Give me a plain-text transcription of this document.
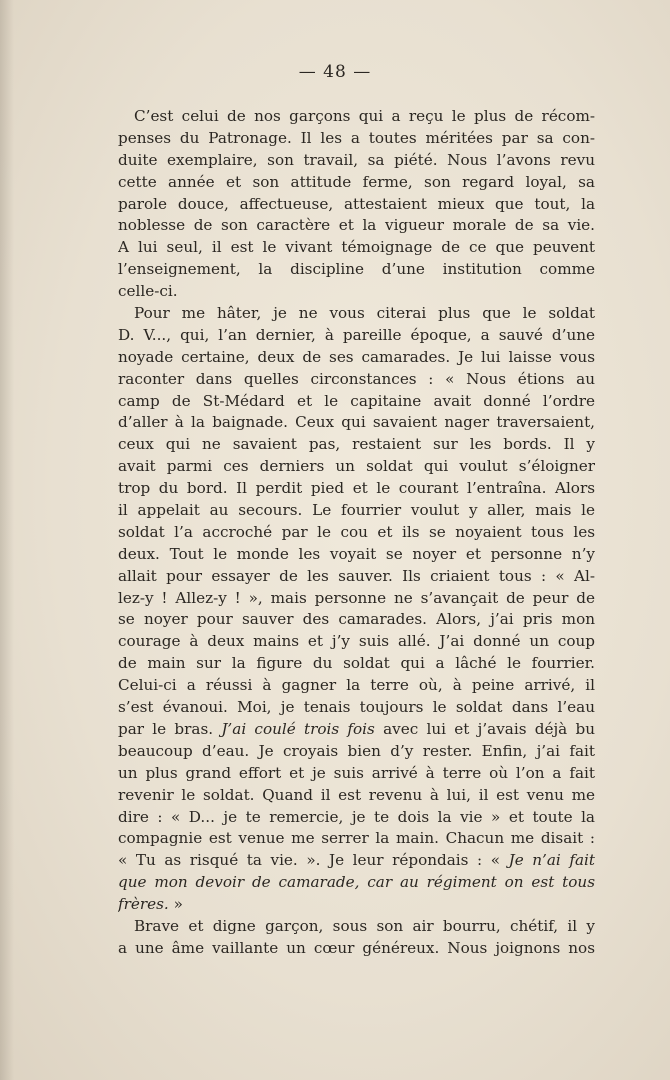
— 48 —
C’est celui de nos garçons qui a reçu le plus de récom-
penses du Patronage. Il les a toutes méritées par sa con-
duite exemplaire, son travail, sa piété. Nous l’avons revu
cette année et son attitude ferme, son regard loyal, sa
parole douce, affectueuse, attestaient mieux que tout, la
noblesse de son caractère et la vigueur morale de sa vie.
A lui seul, il est le vivant témoignage de ce que peuvent
l’enseignement, la discipline d’une institution comme
celle-ci.
Pour me hâter, je ne vous citerai plus que le soldat
D. V..., qui, l’an dernier, à pareille époque, a sauvé d’une
noyade certaine, deux de ses camarades. Je lui laisse vous
raconter dans quelles circonstances : « Nous étions au
camp de St-Médard et le capitaine avait donné l’ordre
d’aller à la baignade. Ceux qui savaient nager traversaient,
ceux qui ne savaient pas, restaient sur les bords. Il y
avait parmi ces derniers un soldat qui voulut s’éloigner
trop du bord. Il perdit pied et le courant l’entraîna. Alors
il appelait au secours. Le fourrier voulut y aller, mais le
soldat l’a accroché par le cou et ils se noyaient tous les
deux. Tout le monde les voyait se noyer et personne n’y
allait pour essayer de les sauver. Ils criaient tous : « Al-
lez-y ! Allez-y ! », mais personne ne s’avançait de peur de
se noyer pour sauver des camarades. Alors, j’ai pris mon
courage à deux mains et j’y suis allé. J’ai donné un coup
de main sur la figure du soldat qui a lâché le fourrier.
Celui-ci a réussi à gagner la terre où, à peine arrivé, il
s’est évanoui. Moi, je tenais toujours le soldat dans l’eau
par le bras. J’ai coulé trois fois avec lui et j’avais déjà bu
beaucoup d’eau. Je croyais bien d’y rester. Enfin, j’ai fait
un plus grand effort et je suis arrivé à terre où l’on a fait
revenir le soldat. Quand il est revenu à lui, il est venu me
dire : « D... je te remercie, je te dois la vie » et toute la
compagnie est venue me serrer la main. Chacun me disait :
« Tu as risqué ta vie. ». Je leur répondais : « Je n’ai fait
que mon devoir de camarade, car au régiment on est tous
frères. »
Brave et digne garçon, sous son air bourru, chétif, il y
a une âme vaillante un cœur généreux. Nous joignons nos
